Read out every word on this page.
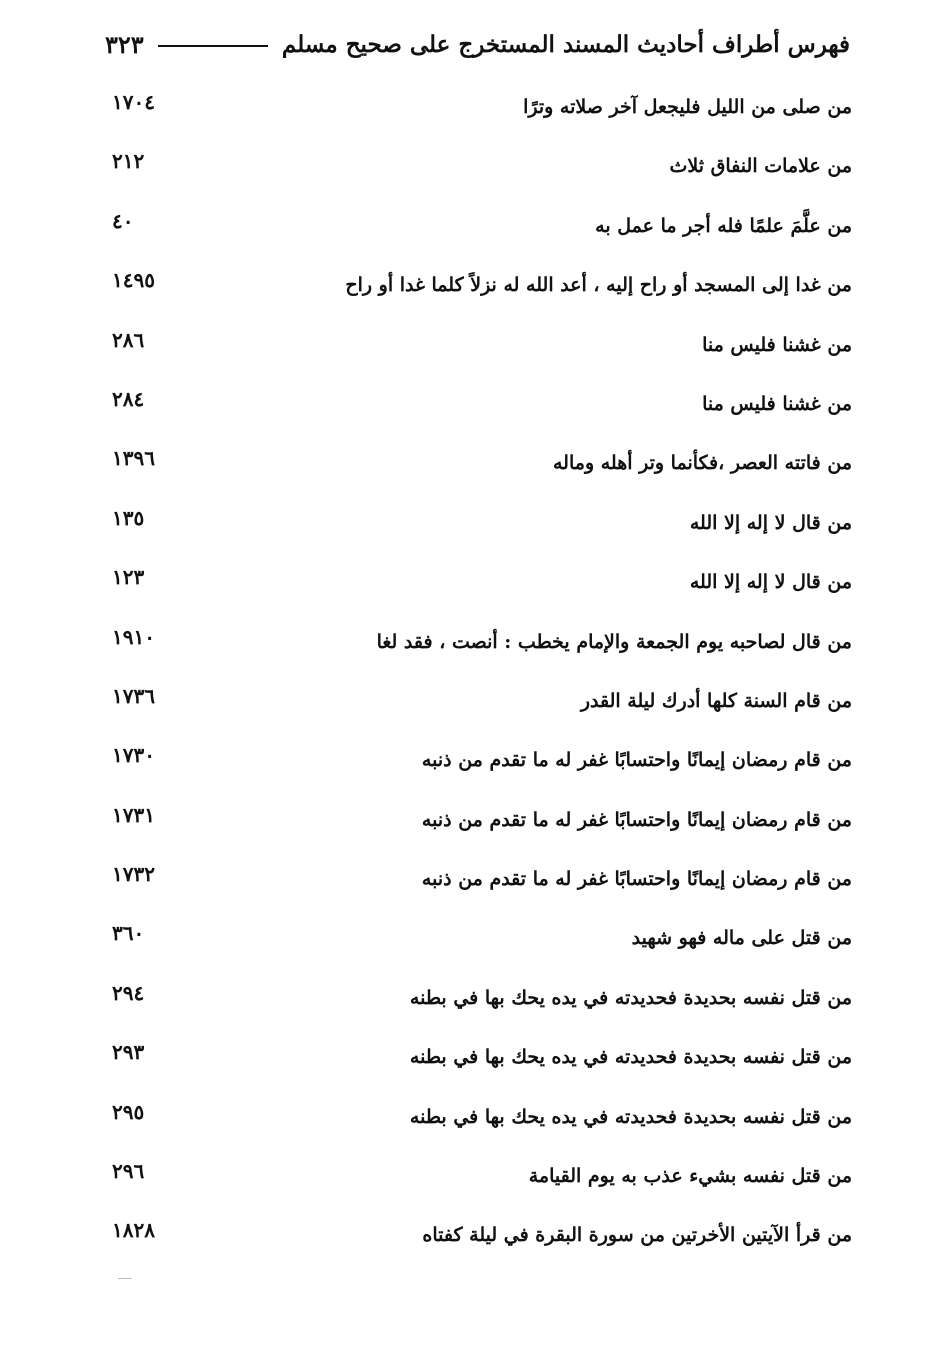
٣٢٣	فهرس أطراف أحاديث المسند المستخرج على صحيح مسلم
١٧٠٤	من صلى من الليل فليجعل آخر صلاته وترًا
٢١٢	من علامات النفاق ثلاث
٤٠	من علَّمَ علمًا فله أجر ما عمل به
١٤٩٥	من غدا إلى المسجد أو راح إليه ، أعد الله له نزلاً كلما غدا أو راح
٢٨٦	من غشنا فليس منا
٢٨٤	من غشنا فليس منا
١٣٩٦	من فاتته العصر ،فكأنما وتر أهله وماله
١٣٥	من قال لا إله إلا الله
١٢٣	من قال لا إله إلا الله
١٩١٠	من قال لصاحبه يوم الجمعة والإمام يخطب : أنصت ، فقد لغا
١٧٣٦	من قام السنة كلها أدرك ليلة القدر
١٧٣٠	من قام رمضان إيمانًا واحتسابًا غفر له ما تقدم من ذنبه
١٧٣١	من قام رمضان إيمانًا واحتسابًا غفر له ما تقدم من ذنبه
١٧٣٢	من قام رمضان إيمانًا واحتسابًا غفر له ما تقدم من ذنبه
٣٦٠	من قتل على ماله فهو شهيد
٢٩٤	من قتل نفسه بحديدة فحديدته في يده يحك بها في بطنه
٢٩٣	من قتل نفسه بحديدة فحديدته في يده يحك بها في بطنه
٢٩٥	من قتل نفسه بحديدة فحديدته في يده يحك بها في بطنه
٢٩٦	من قتل نفسه بشيء عذب به يوم القيامة
١٨٢٨	من قرأ الآيتين الأخرتين من سورة البقرة في ليلة كفتاه
